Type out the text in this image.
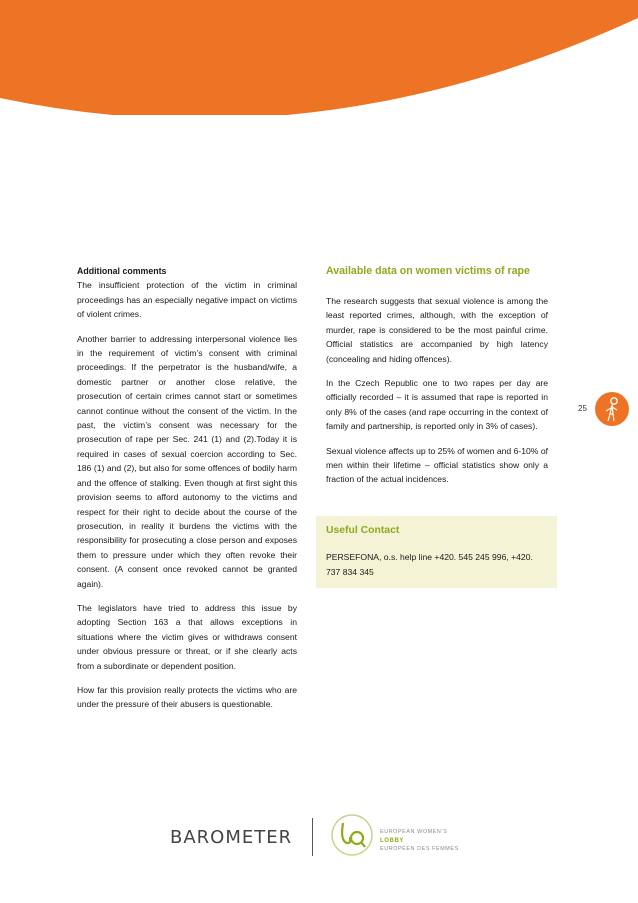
Additional comments

The insufficient protection of the victim in criminal proceedings has an especially negative impact on victims of violent crimes.

Another barrier to addressing interpersonal violence lies in the requirement of victim’s consent with criminal proceedings. If the perpetrator is the husband/wife, a domestic partner or another close relative, the prosecution of certain crimes cannot start or sometimes cannot continue without the consent of the victim. In the past, the victim’s consent was necessary for the prosecution of rape per Sec. 241 (1) and (2).Today it is required in cases of sexual coercion according to Sec. 186 (1) and (2), but also for some offences of bodily harm and the offence of stalking. Even though at first sight this provision seems to afford autonomy to the victims and respect for their right to decide about the course of the prosecution, in reality it burdens the victims with the responsibility for prosecuting a close person and exposes them to pressure under which they often revoke their consent. (A consent once revoked cannot be granted again).

The legislators have tried to address this issue by adopting Section 163 a that allows exceptions in situations where the victim gives or withdraws consent under obvious pressure or threat, or if she clearly acts from a subordinate or dependent position.

How far this provision really protects the victims who are under the pressure of their abusers is questionable.

Available data on women victims of rape

The research suggests that sexual violence is among the least reported crimes, although, with the exception of murder, rape is considered to be the most painful crime. Official statistics are accompanied by high latency (concealing and hiding offences).

In the Czech Republic one to two rapes per day are officially recorded – it is assumed that rape is reported in only 8% of the cases (and rape occurring in the context of family and partnership, is reported only in 3% of cases).

Sexual violence affects up to 25% of women and 6-10% of men within their lifetime – official statistics show only a fraction of the actual incidences.

Useful Contact

PERSEFONA, o.s. help line +420. 545 245 996, +420. 737 834 345

25
BAROMETER	EUROPEAN WOMEN’S
LOBBY
EUROPÉEN DES FEMMES
